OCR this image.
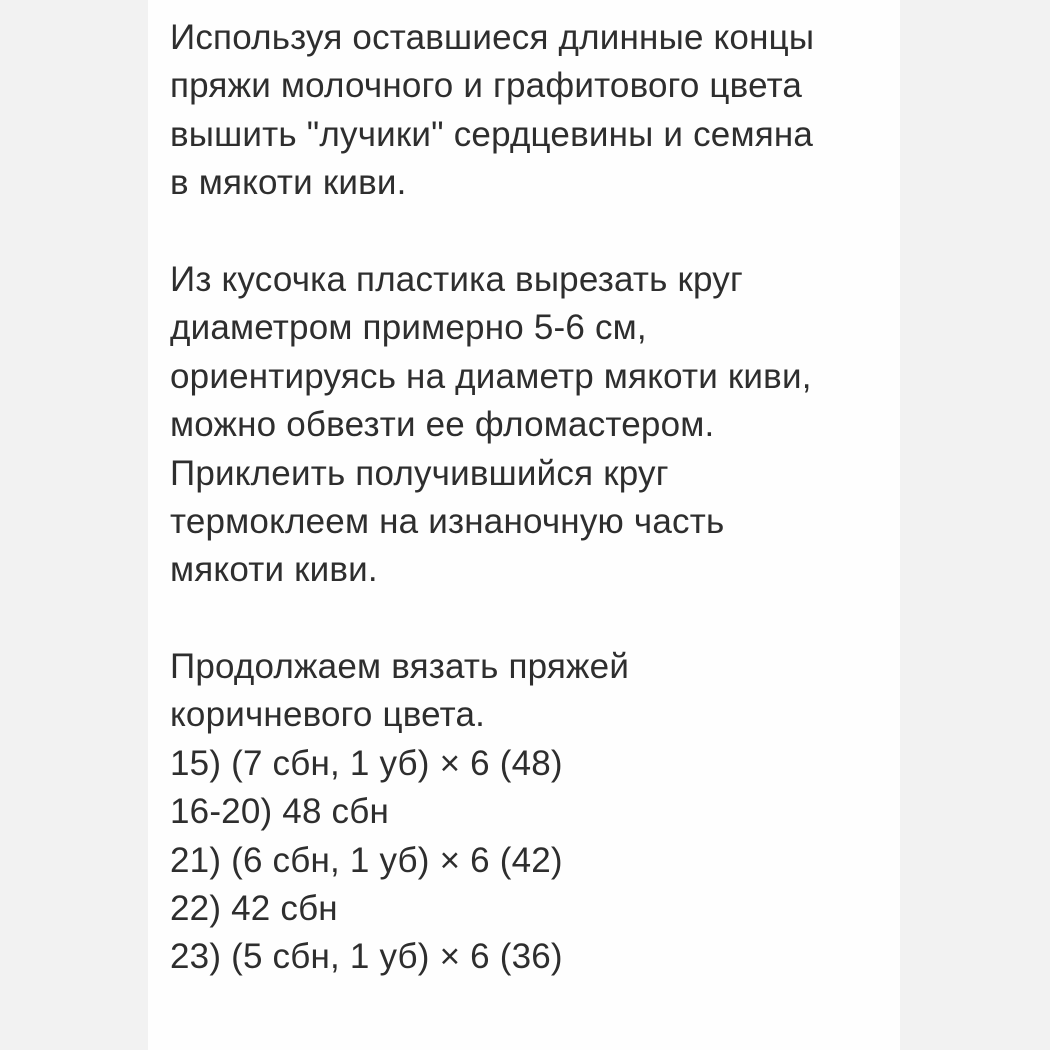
Используя оставшиеся длинные концы
пряжи молочного и графитового цвета
вышить "лучики" сердцевины и семяна
в мякоти киви.
Из кусочка пластика вырезать круг
диаметром примерно 5-6 см,
ориентируясь на диаметр мякоти киви,
можно обвезти ее фломастером.
Приклеить получившийся круг
термоклеем на изнаночную часть
мякоти киви.
Продолжаем вязать пряжей
коричневого цвета.
15) (7 сбн, 1 уб) × 6 (48)
16-20) 48 сбн
21) (6 сбн, 1 уб) × 6 (42)
22) 42 сбн
23) (5 сбн, 1 уб) × 6 (36)
